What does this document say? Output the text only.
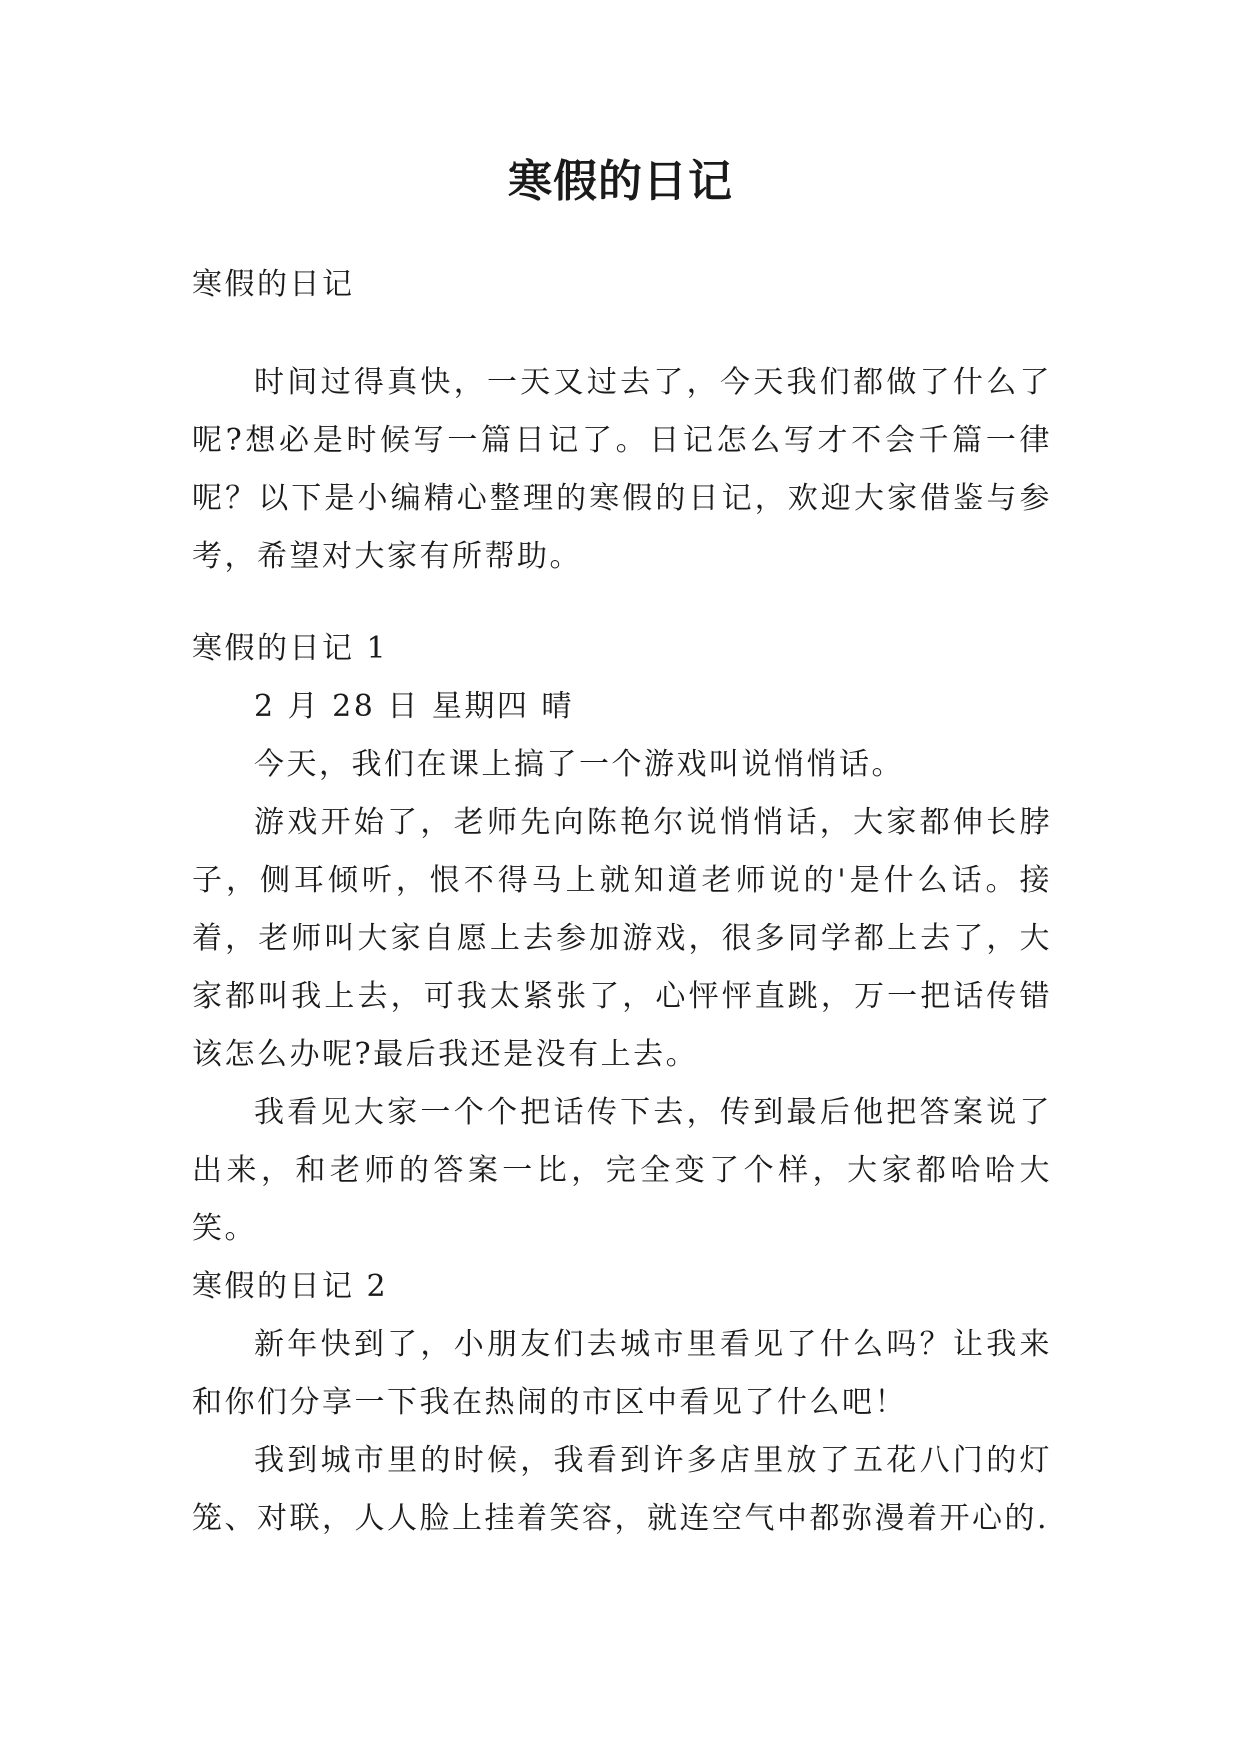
寒假的日记

寒假的日记

时间过得真快，一天又过去了，今天我们都做了什么了呢?想必是时候写一篇日记了。日记怎么写才不会千篇一律呢？以下是小编精心整理的寒假的日记，欢迎大家借鉴与参考，希望对大家有所帮助。

寒假的日记 1

2 月 28 日 星期四 晴

今天，我们在课上搞了一个游戏叫说悄悄话。

游戏开始了，老师先向陈艳尔说悄悄话，大家都伸长脖子，侧耳倾听，恨不得马上就知道老师说的'是什么话。接着，老师叫大家自愿上去参加游戏，很多同学都上去了，大家都叫我上去，可我太紧张了，心怦怦直跳，万一把话传错该怎么办呢?最后我还是没有上去。

我看见大家一个个把话传下去，传到最后他把答案说了出来，和老师的答案一比，完全变了个样，大家都哈哈大笑。

寒假的日记 2

新年快到了，小朋友们去城市里看见了什么吗？让我来和你们分享一下我在热闹的市区中看见了什么吧！

我到城市里的时候，我看到许多店里放了五花八门的灯笼、对联，人人脸上挂着笑容，就连空气中都弥漫着开心的.
